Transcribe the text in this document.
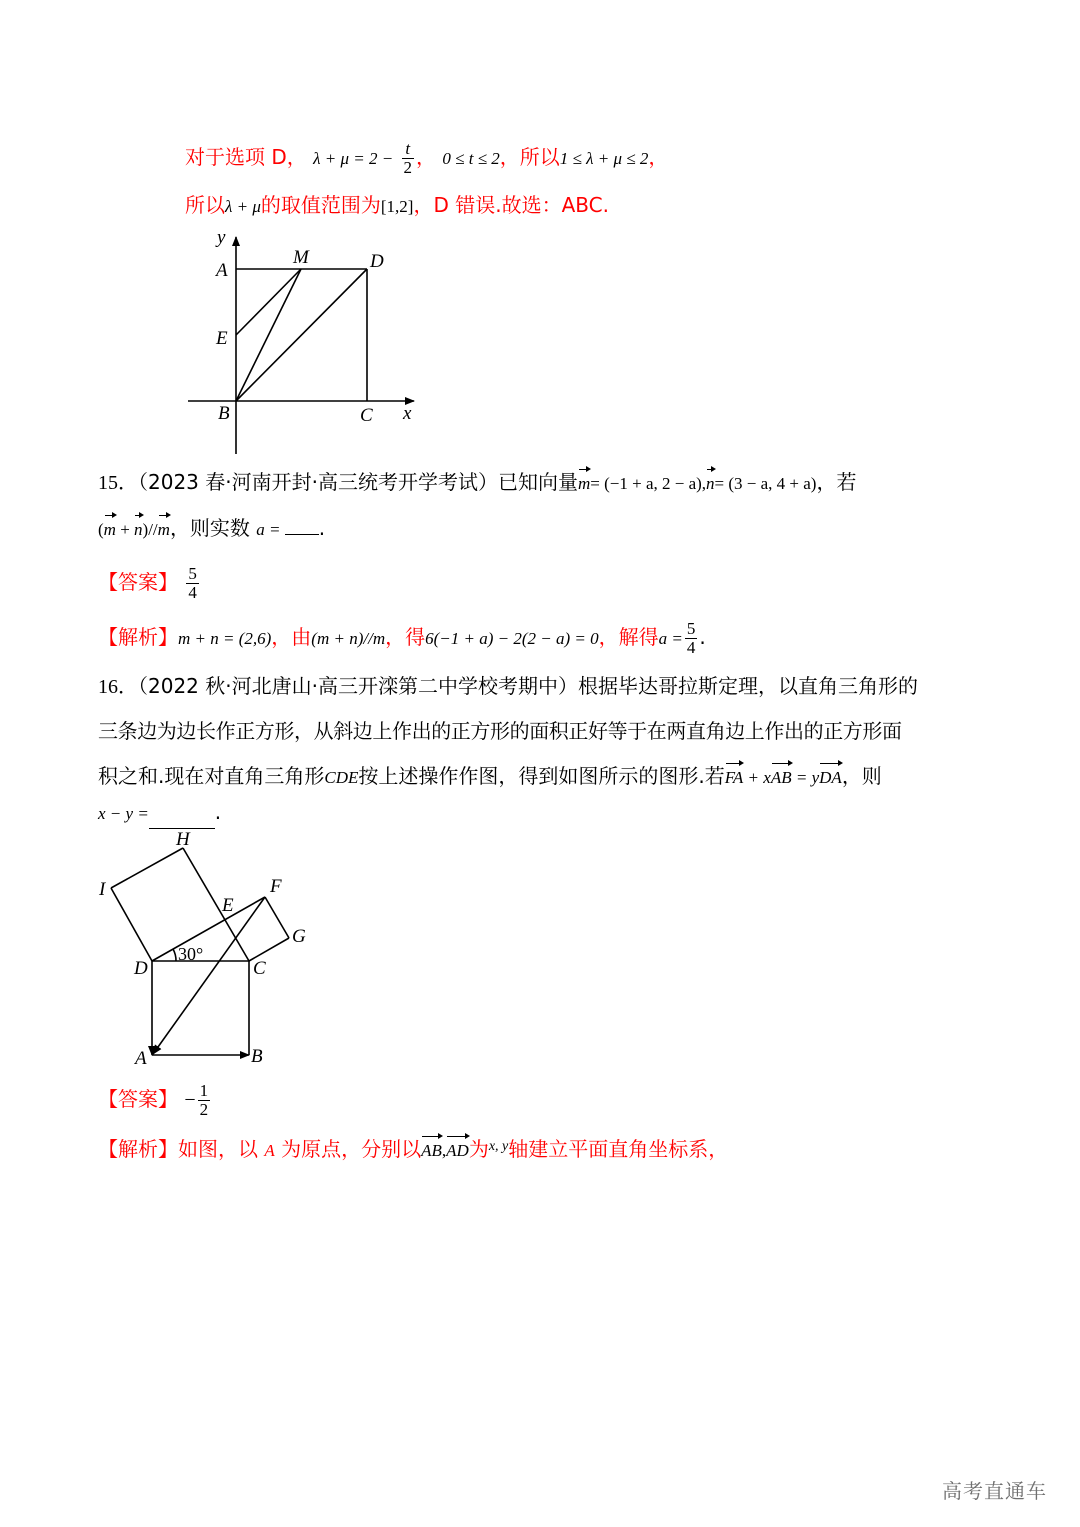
对于选项 D， $\lambda + \mu = 2 - \frac{t}{2}$ ， 0 ≤ t ≤ 2，所以1 ≤ λ + μ ≤ 2，
所以λ + μ的取值范围为[1,2]，D 错误.故选：ABC.
y
A
M	D
E
B	C x
15．（2023 春·河南开封·高三统考开学考试）已知向量m= (−1 + a, 2 − a),n= (3 − a, 4 + a)，若
(m + n)//m，则实数 a = .
【答案】 $\frac{5}{4}$
【解析】m + n = (2,6)，由(m + n)//m，得6(−1 + a) − 2(2 − a) = 0，解得$a = \frac{5}{4}$ .
16．（2022 秋·河北唐山·高三开滦第二中学校考期中）根据毕达哥拉斯定理，以直角三角形的
三条边为边长作正方形，从斜边上作出的正方形的面积正好等于在两直角边上作出的正方形面
积之和.现在对直角三角形CDE按上述操作作图，得到如图所示的图形.若FA + xAB = yDA，则
x − y =	.
H
I	F
E
G
D	C
A	B
30°
【答案】 − $\frac{1}{2}$
【解析】如图，以 A 为原点，分别以AB,AD为$^{x, y}$轴建立平面直角坐标系，
高考直通车
